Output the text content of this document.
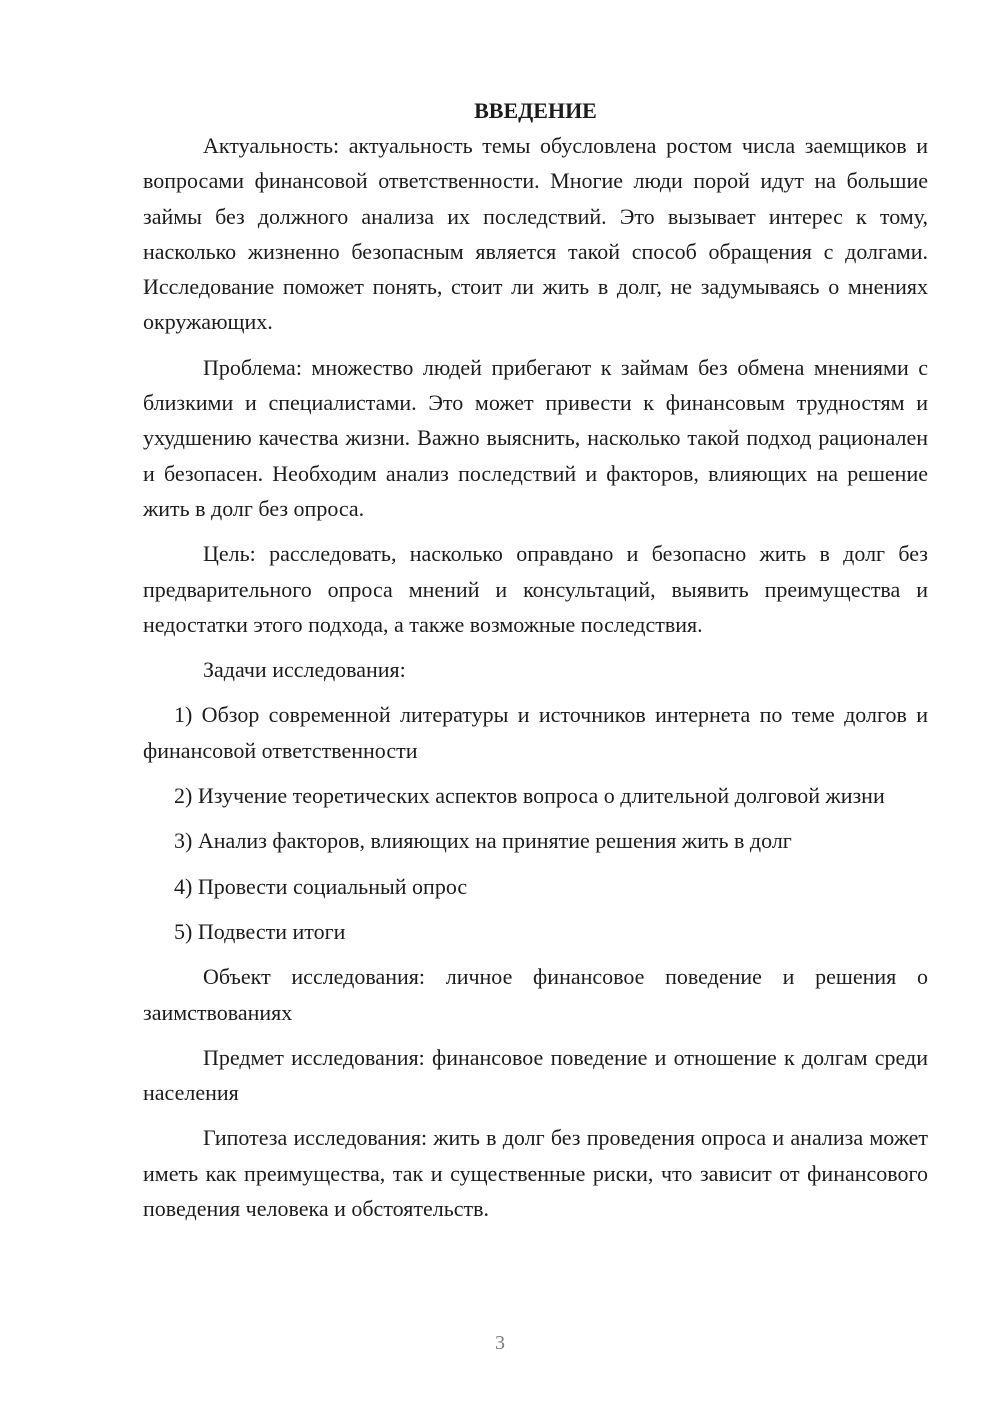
ВВЕДЕНИЕ

Актуальность: актуальность темы обусловлена ростом числа заемщиков и вопросами финансовой ответственности. Многие люди порой идут на большие займы без должного анализа их последствий. Это вызывает интерес к тому, насколько жизненно безопасным является такой способ обращения с долгами. Исследование поможет понять, стоит ли жить в долг, не задумываясь о мнениях окружающих.

Проблема: множество людей прибегают к займам без обмена мнениями с близкими и специалистами. Это может привести к финансовым трудностям и ухудшению качества жизни. Важно выяснить, насколько такой подход рационален и безопасен. Необходим анализ последствий и факторов, влияющих на решение жить в долг без опроса.

Цель: расследовать, насколько оправдано и безопасно жить в долг без предварительного опроса мнений и консультаций, выявить преимущества и недостатки этого подхода, а также возможные последствия.

Задачи исследования:

1) Обзор современной литературы и источников интернета по теме долгов и финансовой ответственности

2) Изучение теоретических аспектов вопроса о длительной долговой жизни

3) Анализ факторов, влияющих на принятие решения жить в долг

4) Провести социальный опрос

5) Подвести итоги

Объект исследования: личное финансовое поведение и решения о заимствованиях

Предмет исследования: финансовое поведение и отношение к долгам среди населения

Гипотеза исследования: жить в долг без проведения опроса и анализа может иметь как преимущества, так и существенные риски, что зависит от финансового поведения человека и обстоятельств.

3
